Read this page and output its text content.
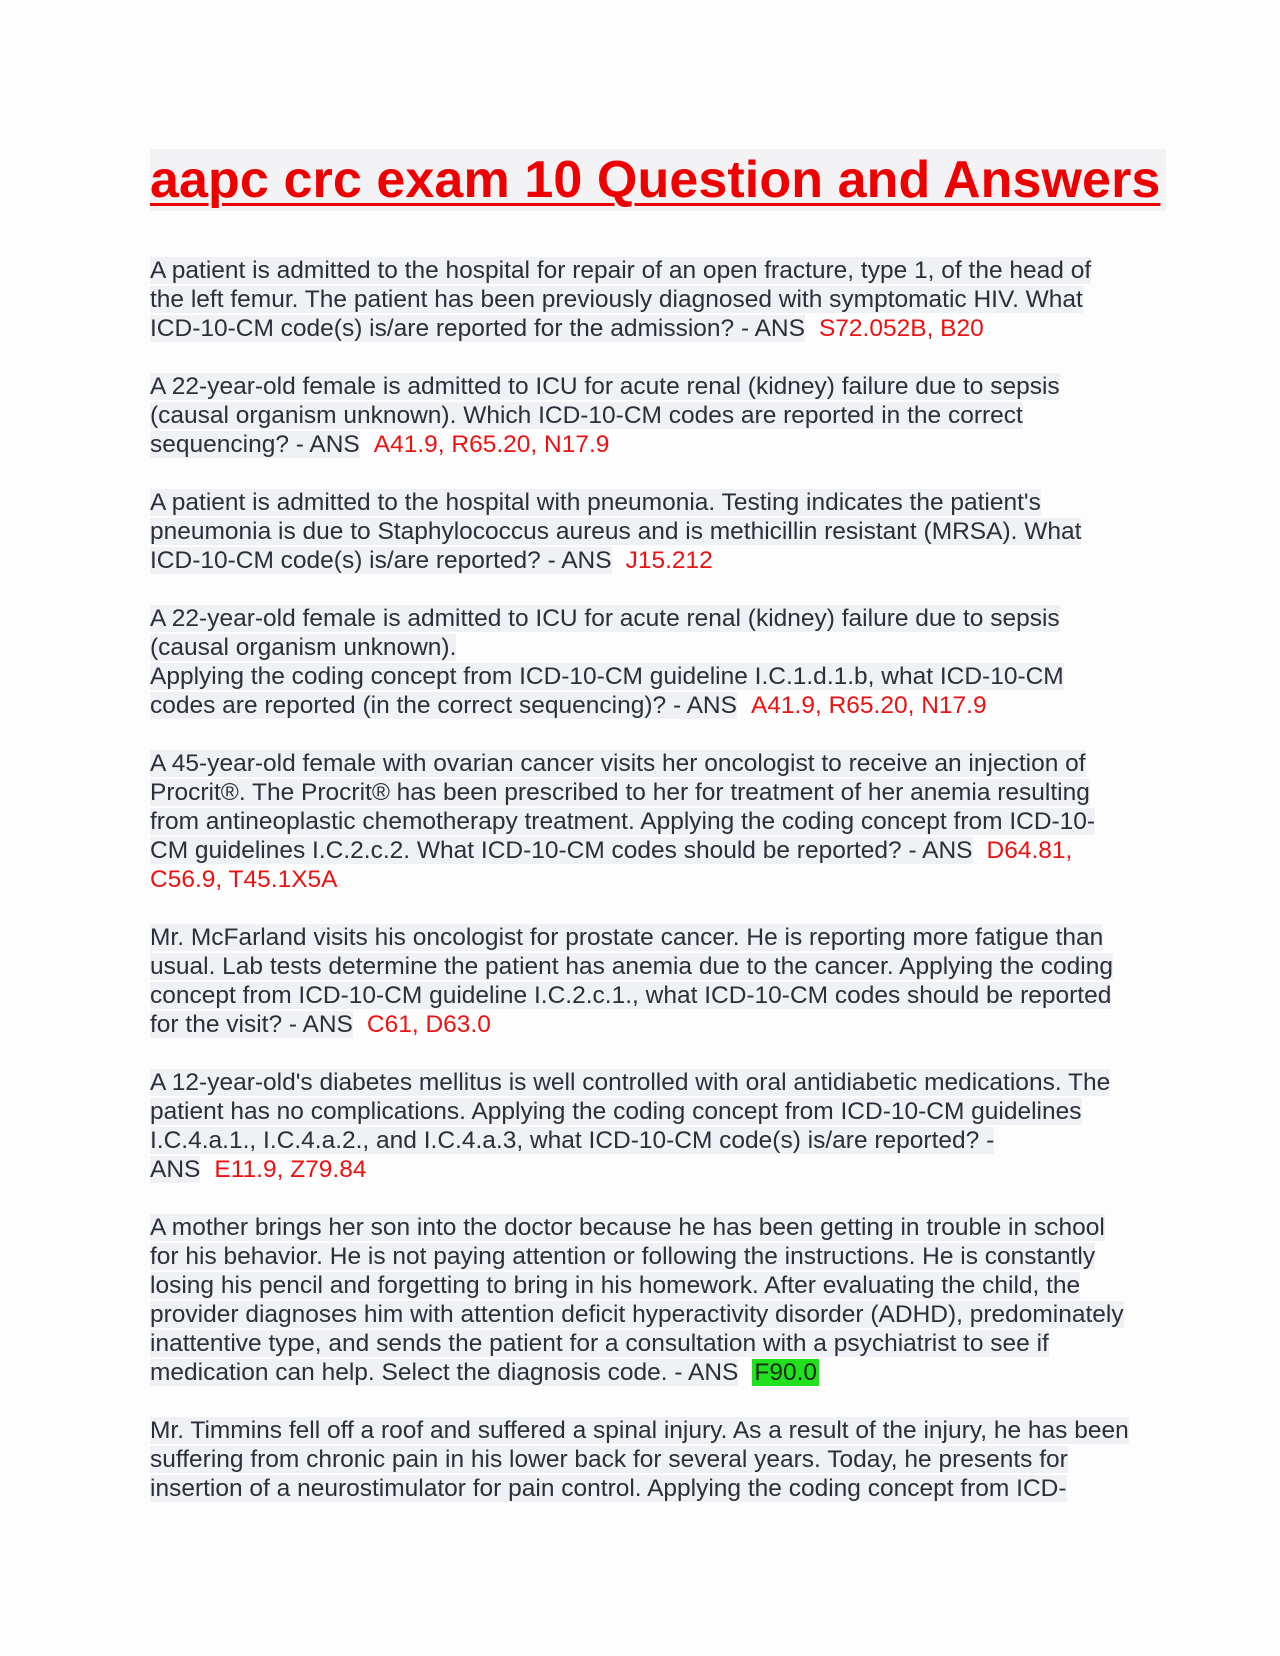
aapc crc exam 10 Question and Answers

A patient is admitted to the hospital for repair of an open fracture, type 1, of the head of the left femur. The patient has been previously diagnosed with symptomatic HIV. What ICD-10-CM code(s) is/are reported for the admission? - ANS S72.052B, B20

A 22-year-old female is admitted to ICU for acute renal (kidney) failure due to sepsis (causal organism unknown). Which ICD-10-CM codes are reported in the correct sequencing? - ANS A41.9, R65.20, N17.9

A patient is admitted to the hospital with pneumonia. Testing indicates the patient's pneumonia is due to Staphylococcus aureus and is methicillin resistant (MRSA). What ICD-10-CM code(s) is/are reported? - ANS J15.212

A 22-year-old female is admitted to ICU for acute renal (kidney) failure due to sepsis (causal organism unknown).
Applying the coding concept from ICD-10-CM guideline I.C.1.d.1.b, what ICD-10-CM codes are reported (in the correct sequencing)? - ANS A41.9, R65.20, N17.9

A 45-year-old female with ovarian cancer visits her oncologist to receive an injection of Procrit®. The Procrit® has been prescribed to her for treatment of her anemia resulting from antineoplastic chemotherapy treatment. Applying the coding concept from ICD-10-CM guidelines I.C.2.c.2. What ICD-10-CM codes should be reported? - ANS D64.81, C56.9, T45.1X5A

Mr. McFarland visits his oncologist for prostate cancer. He is reporting more fatigue than usual. Lab tests determine the patient has anemia due to the cancer. Applying the coding concept from ICD-10-CM guideline I.C.2.c.1., what ICD-10-CM codes should be reported for the visit? - ANS C61, D63.0

A 12-year-old's diabetes mellitus is well controlled with oral antidiabetic medications. The patient has no complications. Applying the coding concept from ICD-10-CM guidelines I.C.4.a.1., I.C.4.a.2., and I.C.4.a.3, what ICD-10-CM code(s) is/are reported? - ANS E11.9, Z79.84

A mother brings her son into the doctor because he has been getting in trouble in school for his behavior. He is not paying attention or following the instructions. He is constantly losing his pencil and forgetting to bring in his homework. After evaluating the child, the provider diagnoses him with attention deficit hyperactivity disorder (ADHD), predominately inattentive type, and sends the patient for a consultation with a psychiatrist to see if medication can help. Select the diagnosis code. - ANS F90.0

Mr. Timmins fell off a roof and suffered a spinal injury. As a result of the injury, he has been suffering from chronic pain in his lower back for several years. Today, he presents for insertion of a neurostimulator for pain control. Applying the coding concept from ICD-
